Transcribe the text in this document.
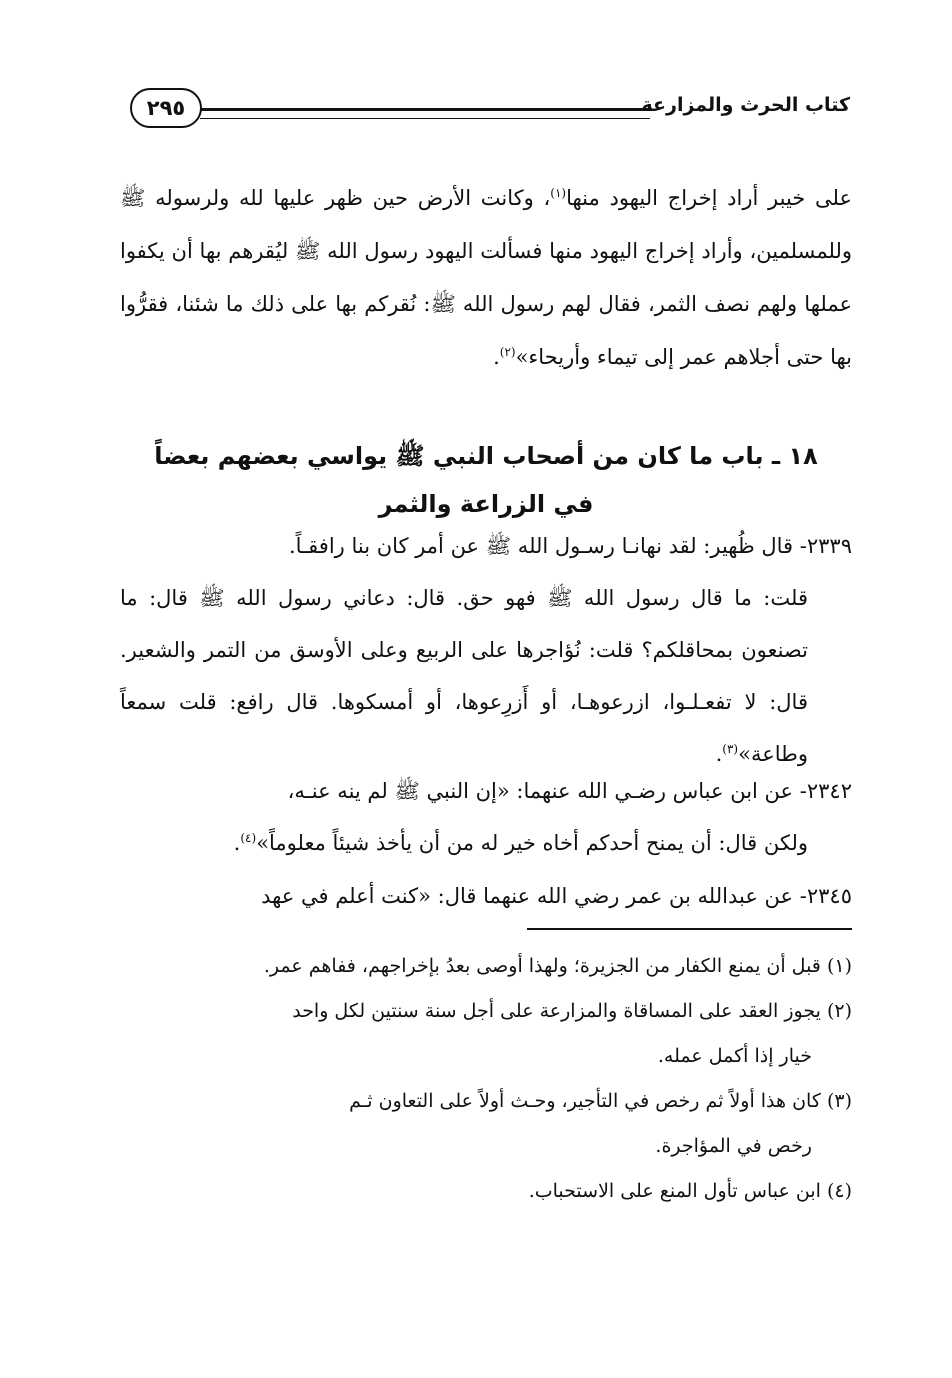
كتاب الحرث والمزارعة
٢٩٥

على خيبر أراد إخراج اليهود منها$^{(١)}$، وكانت الأرض حين ظهر عليها لله ولرسوله ﷺ وللمسلمين، وأراد إخراج اليهود منها فسألت اليهود رسول الله ﷺ ليُقرهم بها أن يكفوا عملها ولهم نصف الثمر، فقال لهم رسول الله ﷺ: نُقركم بها على ذلك ما شئنا، فقرُّوا بها حتى أجلاهم عمر إلى تيماء وأريحاء»$^{(٢)}$.

١٨ ـ باب ما كان من أصحاب النبي ﷺ يواسي بعضهم بعضاً في الزراعة والثمر
٢٣٣٩- قال ظُهير: لقد نهانـا رسـول الله ﷺ عن أمر كان بنا رافقـاً.
قلت: ما قال رسول الله ﷺ فهو حق. قال: دعاني رسول الله ﷺ قال: ما تصنعون بمحاقلكم؟ قلت: نُؤاجرها على الربيع وعلى الأوسق من التمر والشعير. قال: لا تفعـلـوا، ازرعوهـا، أو أَزرِعوها، أو أمسكوها. قال رافع: قلت سمعاً وطاعة»$^{(٣)}$.
٢٣٤٢- عن ابن عباس رضـي الله عنهما: «إن النبي ﷺ لم ينه عنـه،
ولكن قال: أن يمنح أحدكم أخاه خير له من أن يأخذ شيئاً معلوماً»$^{(٤)}$.
٢٣٤٥- عن عبدالله بن عمر رضي الله عنهما قال: «كنت أعلم في عهد

(١) قبل أن يمنع الكفار من الجزيرة؛ ولهذا أوصى بعدُ بإخراجهم، ففاهم عمر.

(٢) يجوز العقد على المساقاة والمزارعة على أجل سنة سنتين لكل واحد
خيار إذا أكمل عمله.

(٣) كان هذا أولاً ثم رخص في التأجير، وحـث أولاً على التعاون ثـم
رخص في المؤاجرة.

(٤) ابن عباس تأول المنع على الاستحباب.
